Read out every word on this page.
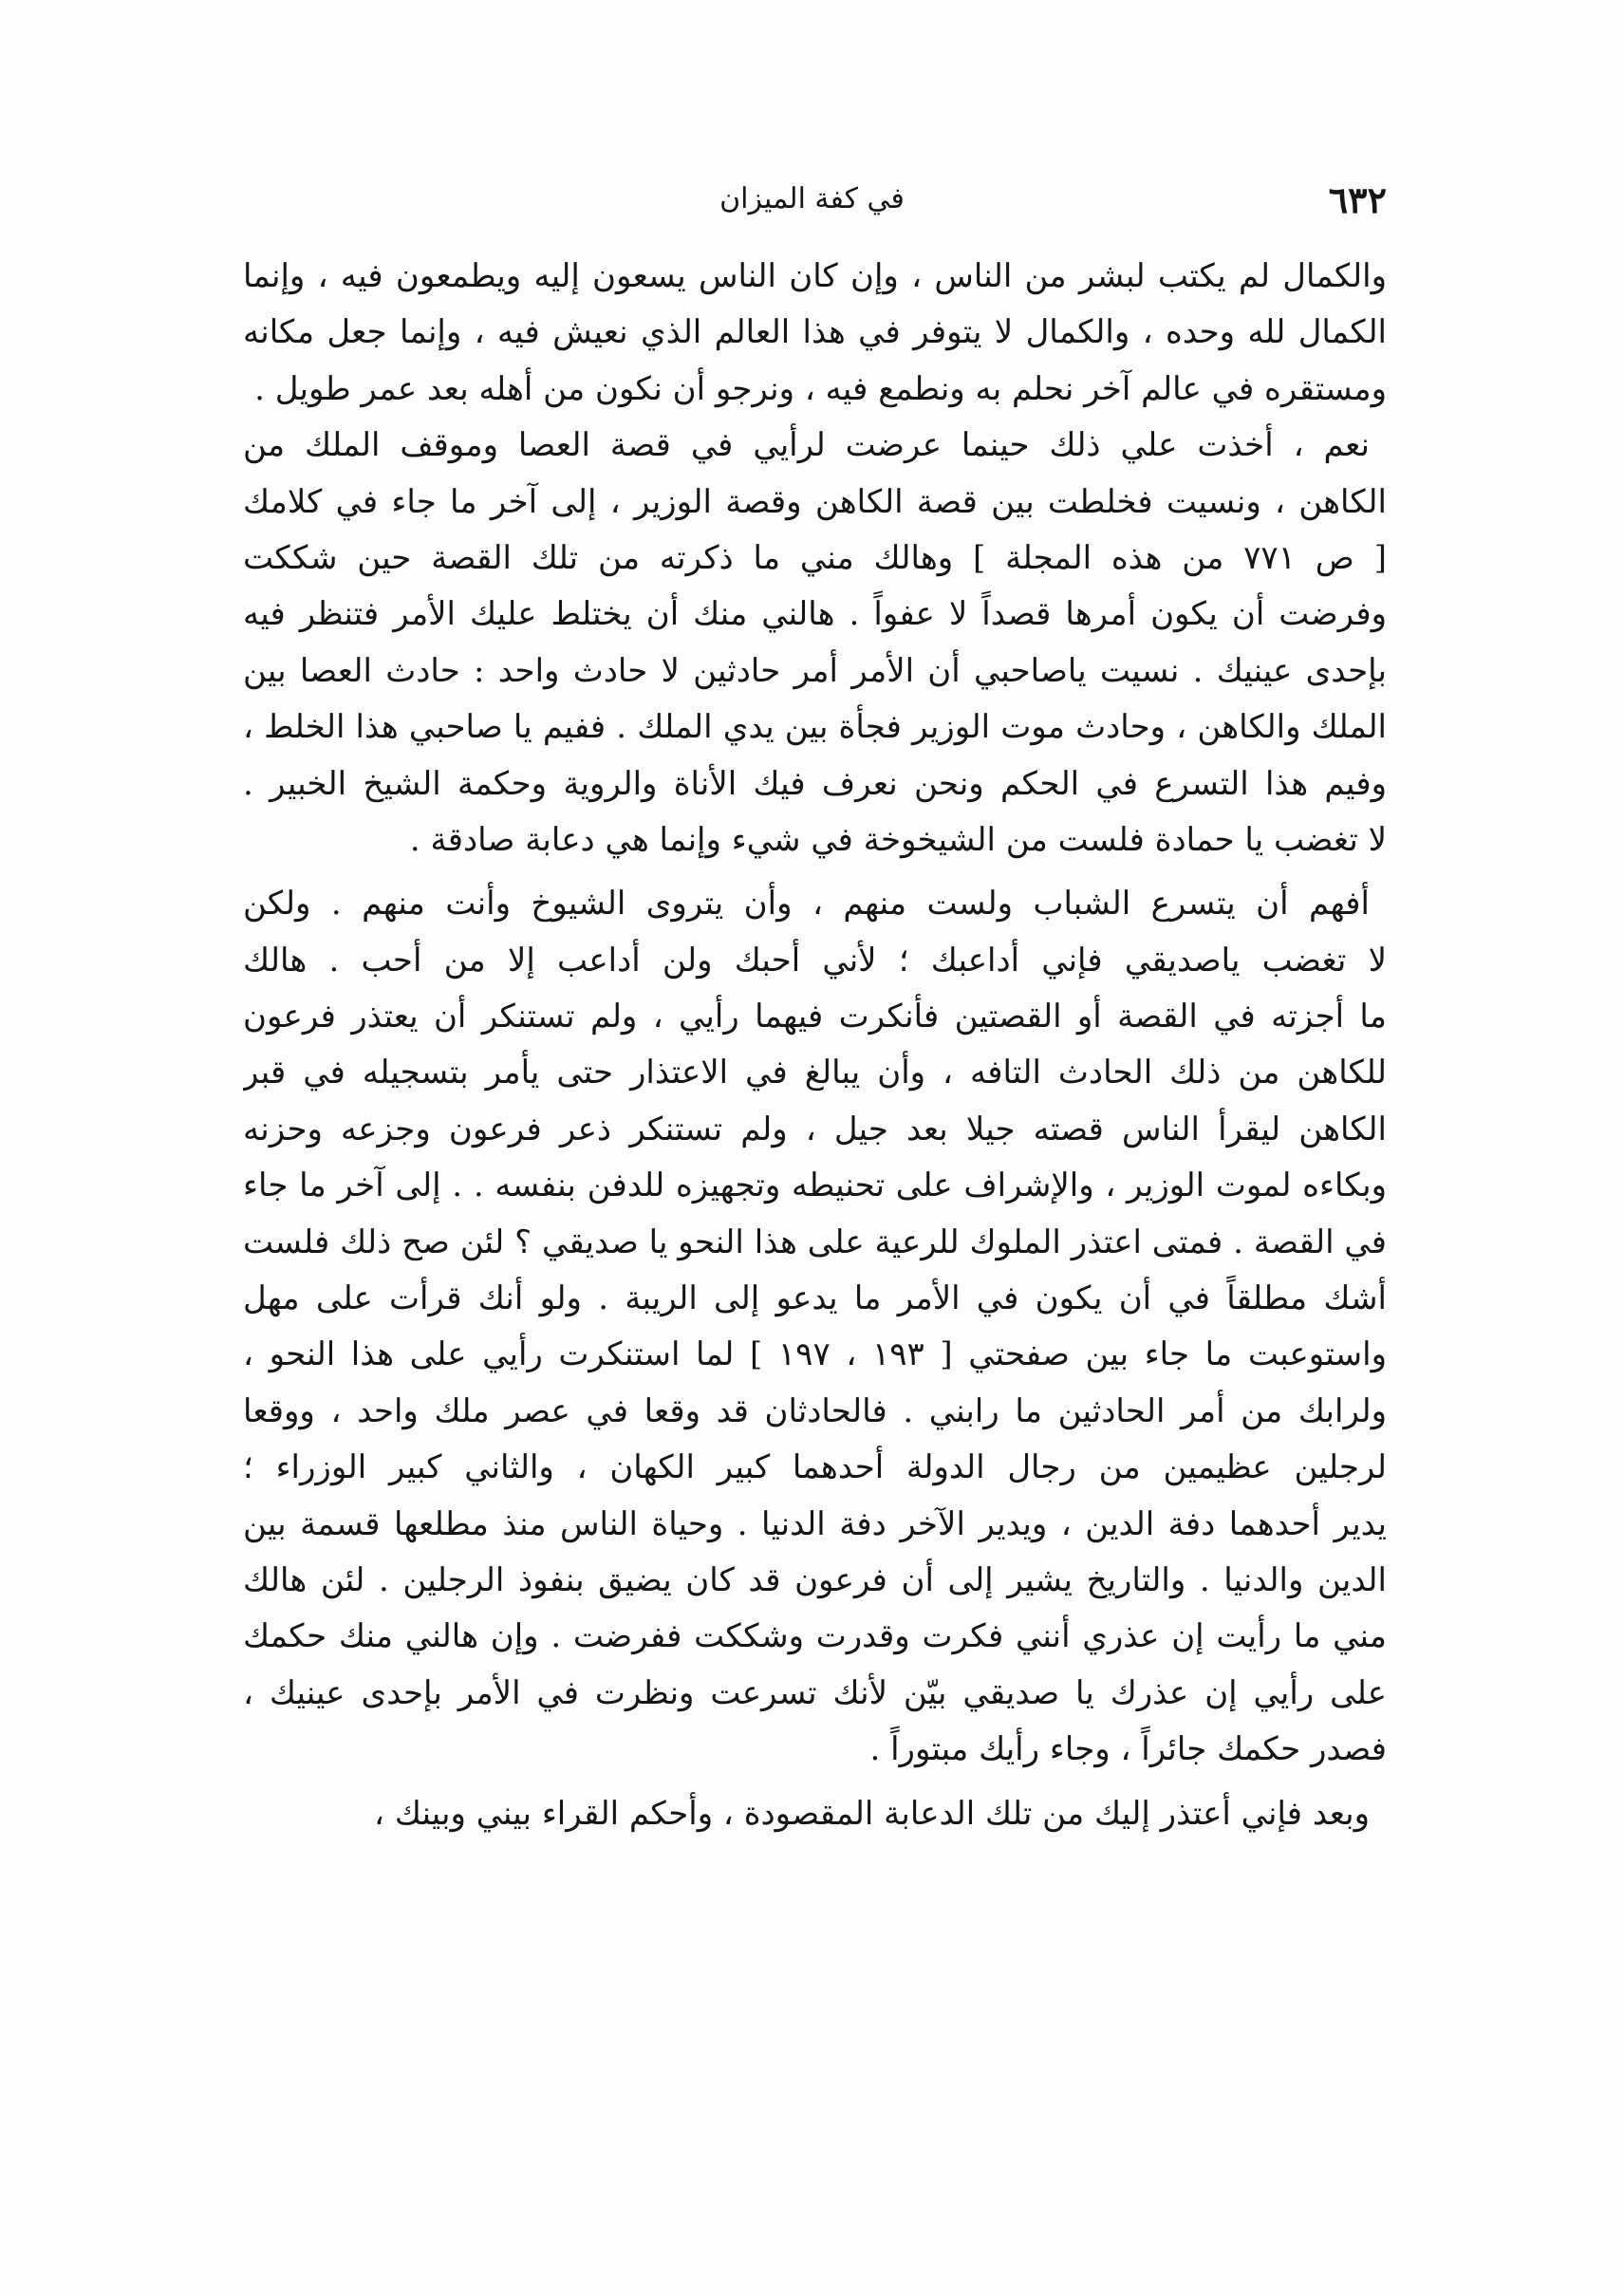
٦٣٢
في كفة الميزان
والكمال لم يكتب لبشر من الناس ، وإن كان الناس يسعون إليه ويطمعون فيه ، وإنما
الكمال لله وحده ، والكمال لا يتوفر في هذا العالم الذي نعيش فيه ، وإنما جعل مكانه
ومستقره في عالم آخر نحلم به ونطمع فيه ، ونرجو أن نكون من أهله بعد عمر طويل .
نعم ، أخذت علي ذلك حينما عرضت لرأيي في قصة العصا وموقف الملك من
الكاهن ، ونسيت فخلطت بين قصة الكاهن وقصة الوزير ، إلى آخر ما جاء في كلامك
[ ص ٧٧١ من هذه المجلة ] وهالك مني ما ذكرته من تلك القصة حين شككت
وفرضت أن يكون أمرها قصداً لا عفواً . هالني منك أن يختلط عليك الأمر فتنظر فيه
بإحدى عينيك . نسيت ياصاحبي أن الأمر أمر حادثين لا حادث واحد : حادث العصا بين
الملك والكاهن ، وحادث موت الوزير فجأة بين يدي الملك . ففيم يا صاحبي هذا الخلط ،
وفيم هذا التسرع في الحكم ونحن نعرف فيك الأناة والروية وحكمة الشيخ الخبير .
لا تغضب يا حمادة فلست من الشيخوخة في شيء وإنما هي دعابة صادقة .
أفهم أن يتسرع الشباب ولست منهم ، وأن يتروى الشيوخ وأنت منهم . ولكن
لا تغضب ياصديقي فإني أداعبك ؛ لأني أحبك ولن أداعب إلا من أحب . هالك
ما أجزته في القصة أو القصتين فأنكرت فيهما رأيي ، ولم تستنكر أن يعتذر فرعون
للكاهن من ذلك الحادث التافه ، وأن يبالغ في الاعتذار حتى يأمر بتسجيله في قبر
الكاهن ليقرأ الناس قصته جيلا بعد جيل ، ولم تستنكر ذعر فرعون وجزعه وحزنه
وبكاءه لموت الوزير ، والإشراف على تحنيطه وتجهيزه للدفن بنفسه . . إلى آخر ما جاء
في القصة . فمتى اعتذر الملوك للرعية على هذا النحو يا صديقي ؟ لئن صح ذلك فلست
أشك مطلقاً في أن يكون في الأمر ما يدعو إلى الريبة . ولو أنك قرأت على مهل
واستوعبت ما جاء بين صفحتي [ ١٩٣ ، ١٩٧ ] لما استنكرت رأيي على هذا النحو ،
ولرابك من أمر الحادثين ما رابني . فالحادثان قد وقعا في عصر ملك واحد ، ووقعا
لرجلين عظيمين من رجال الدولة أحدهما كبير الكهان ، والثاني كبير الوزراء ؛
يدير أحدهما دفة الدين ، ويدير الآخر دفة الدنيا . وحياة الناس منذ مطلعها قسمة بين
الدين والدنيا . والتاريخ يشير إلى أن فرعون قد كان يضيق بنفوذ الرجلين . لئن هالك
مني ما رأيت إن عذري أنني فكرت وقدرت وشككت ففرضت . وإن هالني منك حكمك
على رأيي إن عذرك يا صديقي بيّن لأنك تسرعت ونظرت في الأمر بإحدى عينيك ،
فصدر حكمك جائراً ، وجاء رأيك مبتوراً .
وبعد فإني أعتذر إليك من تلك الدعابة المقصودة ، وأحكم القراء بيني وبينك ،
